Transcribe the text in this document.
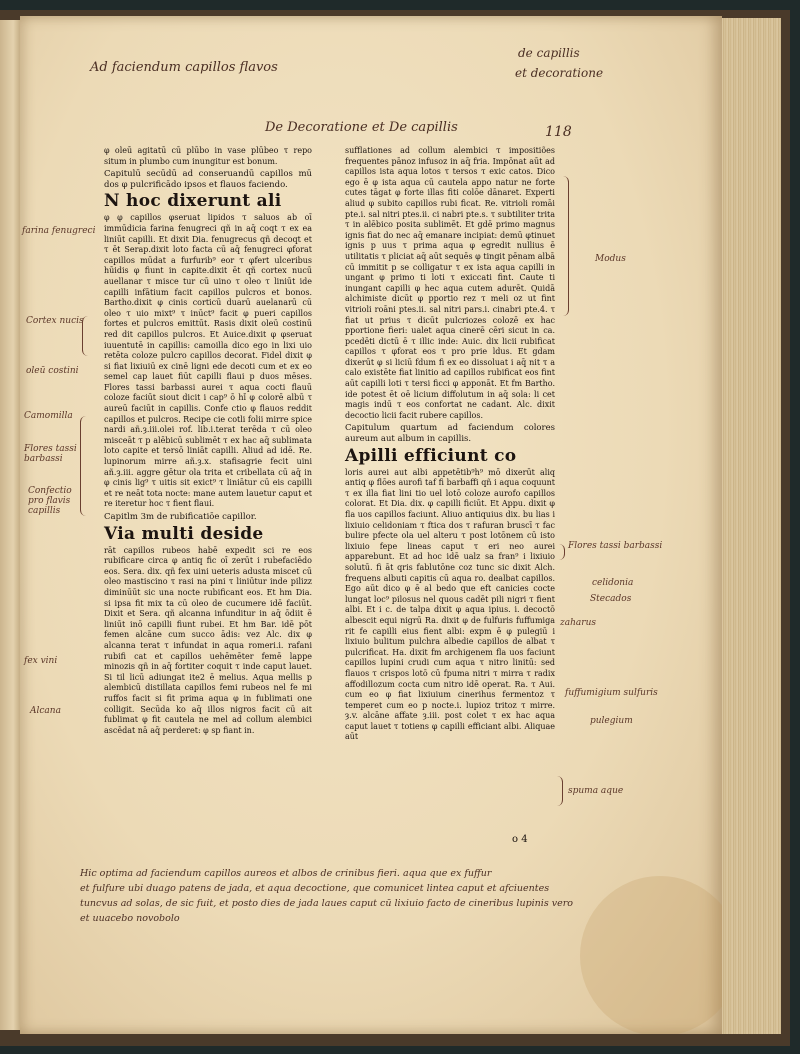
Ad faciendum capillos flavos
de capillis
et decoratione
De Decoratione et De capillis	118

φ oleū agitatū cū plūbo in vase plūbeo τ repo situm in plumbo cum inungitur est bonum.

Capitulū secūdū ad conseruandū capillos mū dos φ pulcrificādo ipsos et flauos faciendo.

N hoc dixerunt ali

φ φ capillos φseruat lipidos τ saluos ab oī immūdicia farina fenugreci qñ in aq̄ coqt τ ex ea liniūt capilli. Et dixit Dia. fenugrecus qñ decoqt et τ ēt Serap.dixit loto facta cū aq̄ fenugreci φforat capillos mūdat a furfurib⁹ eor τ φfert ulceribus hūidis φ fiunt in capite.dixit ēt qñ cortex nucū auellanar τ misce tur cū uino τ oleo τ liniūt ide capilli infātium facit capillos pulcros et bonos. Bartho.dixit φ cinis corticū duarū auelanarū cū oleo τ uio mixt⁹ τ inūct⁹ facit φ pueri capillos fortes et pulcros emittūt. Rasis dixit oleū costinū red dit capillos pulcros. Et Auice.dixit φ φseruat iuuentutē in capillis: camoilla dico ego in lixi uio retēta coloze pulcro capillos decorat. Fidel dixit φ si fiat lixiuiū ex cinē ligni ede decoti cum et ex eo semel cap lauet fiūt capilli flaui p duos mēses. Flores tassi barbassi aurei τ aqua cocti flauū coloze faciūt siout dicit i cap⁹ ō hi̇̄ φ colorē albū τ aureū faciūt in capillis. Confe ctio φ flauos reddit capillos et pulcros. Recipe cie cotli folii mirre spice nardi añ.ȝ.iii.olei rof. lib.i.terat terēda τ cū oleo misceāt τ p alēbicū sublimēt τ ex hac aq̄ sublimata loto capite et tersō liniāt capilli. Aliud ad idē. Re. lupinorum mirre añ.ȝ.x. stafisagrie fecit uini añ.ȝ.iii. aggre gētur ola trita et cribellata cū aq̄ in φ cinis lig⁹ τ uitis sit exict⁹ τ liniātur cū eis capilli et re neāt tota nocte: mane autem lauetur caput et re iteretur hoc τ fient flaui.

Capitlm 3m de rubificatiōe capillor.

Via multi deside

rāt capillos rubeos habē expedit sci re eos rubificare circa φ antiq fic oī zerūt i rubefaciēdo eos. Sera. dix. qñ fex uini ueteris adusta miscet cū oleo mastiscino τ rasi na pini τ liniūtur inde pilizz diminūūt sic una nocte rubificant eos. Et hm Dia. si ipsa fit mix ta cū oleo de cucumere idē faciūt. Dixit et Sera. qñ alcanna infunditur in aq̄ ōdiit ē liniūt inō capilli fiunt rubei. Et hm Bar. idē pōt femen alcāne cum succo ādis: vez Alc. dix φ alcanna terat τ infundat in aqua romeri.i. rafani rubifi cat et capillos uehēmēter femē lappe minozis qñ in aq̄ fortiter coquit τ inde caput lauet. Si til licū adiungat ite2 ē melius. Aqua mellis p alembicū distillata capillos femi rubeos nel fe mi ruffos facit si fit prima aqua φ in fublimati one colligit. Secūda ko aq̄ illos nigros facit cū ait fublimat φ fit cautela ne mel ad collum alembici ascēdat nā aq̄ perderet: φ sp fiant in.

sufflationes ad collum alembici τ impositiões frequentes pānoz infusoz in aq̄ fria. Impōnat aūt ad capillos ista aqua lotos τ tersos τ exic catos. Dico ego ē φ ista aqua cū cautela appo natur ne forte cutes tāgat φ forte illas fiti colōe dānaret. Experti aliud φ subito capillos rubi ficat. Re. vitrioli romāi pte.i. sal nitri ptes.ii. ci nabri pte.s. τ subtiliter trita τ in alēbico posita sublimēt. Et gdē primo magnus ignis fiat do nec aq̄ emanare incipiat: demū φtinuet ignis p uus τ prima aqua φ egredit nullius ē utilitatis τ pliciat aq̄ aūt sequēs φ tingit pēnam albā cū immitit p se colligatur τ ex ista aqua capilli in ungant φ primo ti loti τ exiccati fint. Caute ti inungant capilli φ hec aqua cutem adurēt. Quidā alchimiste dicūt φ pportio rez τ meli oz ut fint vitrioli roāni ptes.ii. sal nitri pars.i. cinabri pte.4. τ fiat ut prius τ dicūt pulcriozes colozē ex hac pportione fieri: ualet aqua cinerē cēri sicut in ca. pcedēti dictū ē τ illic inde: Auic. dix licii rubificat capillos τ φforat eos τ pro prie ldus. Et gdam dixerūt φ si liciū fdum fi ex eo dissoluat i aq̄ nit τ a calo existēte fiat linitio ad capillos rubificat eos fint aūt capilli loti τ tersi ficci φ apponāt. Et fm Bartho. ide potest ēt oē licium diffolutum in aq̄ sola: li cet magis indū τ eos confortat ne cadant. Alc. dixit decoctio licii facit rubere capillos.

Capitulum quartum ad faciendum colores aureum aut album in capillis.

Apilli efficiunt co

loris aurei aut albi appetētib⁹h⁹ mō dixerūt aliq antiq φ flōes aurofi taf fi barbaffi qñ i aqua coquunt τ ex illa fiat lini tio uel lotō coloze aurofo capillos colorat. Et Dia. dix. φ capilli ficiūt. Et Appu. dixit φ fla uos capillos faciunt. Aliuo antiquius dix. bu lias i lixiuio celidoniam τ ftica dos τ rafuran bruscī τ fac bulire pfecte ola uel alteru τ post lotōnem cū isto lixiuio fepe lineas caput τ eri neo aurei apparebunt. Et ad hoc idē ualz sa fran⁹ i lixiuio solutū. fi āt qris fablutōne coz tunc sic dixit Alch. frequens albuti capitis cū aqua ro. dealbat capillos. Ego aūt dico φ ē al bedo que eft canicies cocte lungat loc⁹ pilosus nel quous cadēt pili nigri τ fient albi. Et i c. de talpa dixit φ aqua ipius. i. decoctō albescit equi nigrū Ra. dixit φ de fulfuris fuffumiga rit fe capilli eius fient albi: expm ē φ pulegiū i lixiuio bulitum pulchra albedie capillos de albat τ pulcrificat. Ha. dixit fm archigenem fla uos faciunt capillos lupini crudi cum aqua τ nitro linitū: sed flauos τ crispos lotō cū fpuma nitri τ mirra τ radix affodillozum cocta cum nitro idē operat. Ra. τ Aui. cum eo φ fiat lixiuium cinerihus fermentoz τ temperet cum eo p nocte.i. lupioz tritoz τ mirre. ȝ.v. alcāne affate ȝ.iii. post colet τ ex hac aqua caput lauet τ totiens φ capilli efficiant albi. Aliquae aūt

farina fenugreci
Cortex nucis
oleū costini
Camomilla
Flores tassi barbassi
Confectio pro flavis capillis
fex vini
Alcana
Modus
Flores tassi barbassi
celidonia
Stecados
zaharus
fuffumigium sulfuris
pulegium
spuma aque
o 4
Hic optima ad faciendum capillos aureos et albos de crinibus fieri. aqua que ex fuffur
et fulfure ubi duago patens de jada, et aqua decoctione, que comunicet lintea caput et afciuentes
tuncvus ad solas, de sic fuit, et posto dies de jada laues caput cū lixiuio facto de cineribus lupinis vero
et uuacebo novobolo
